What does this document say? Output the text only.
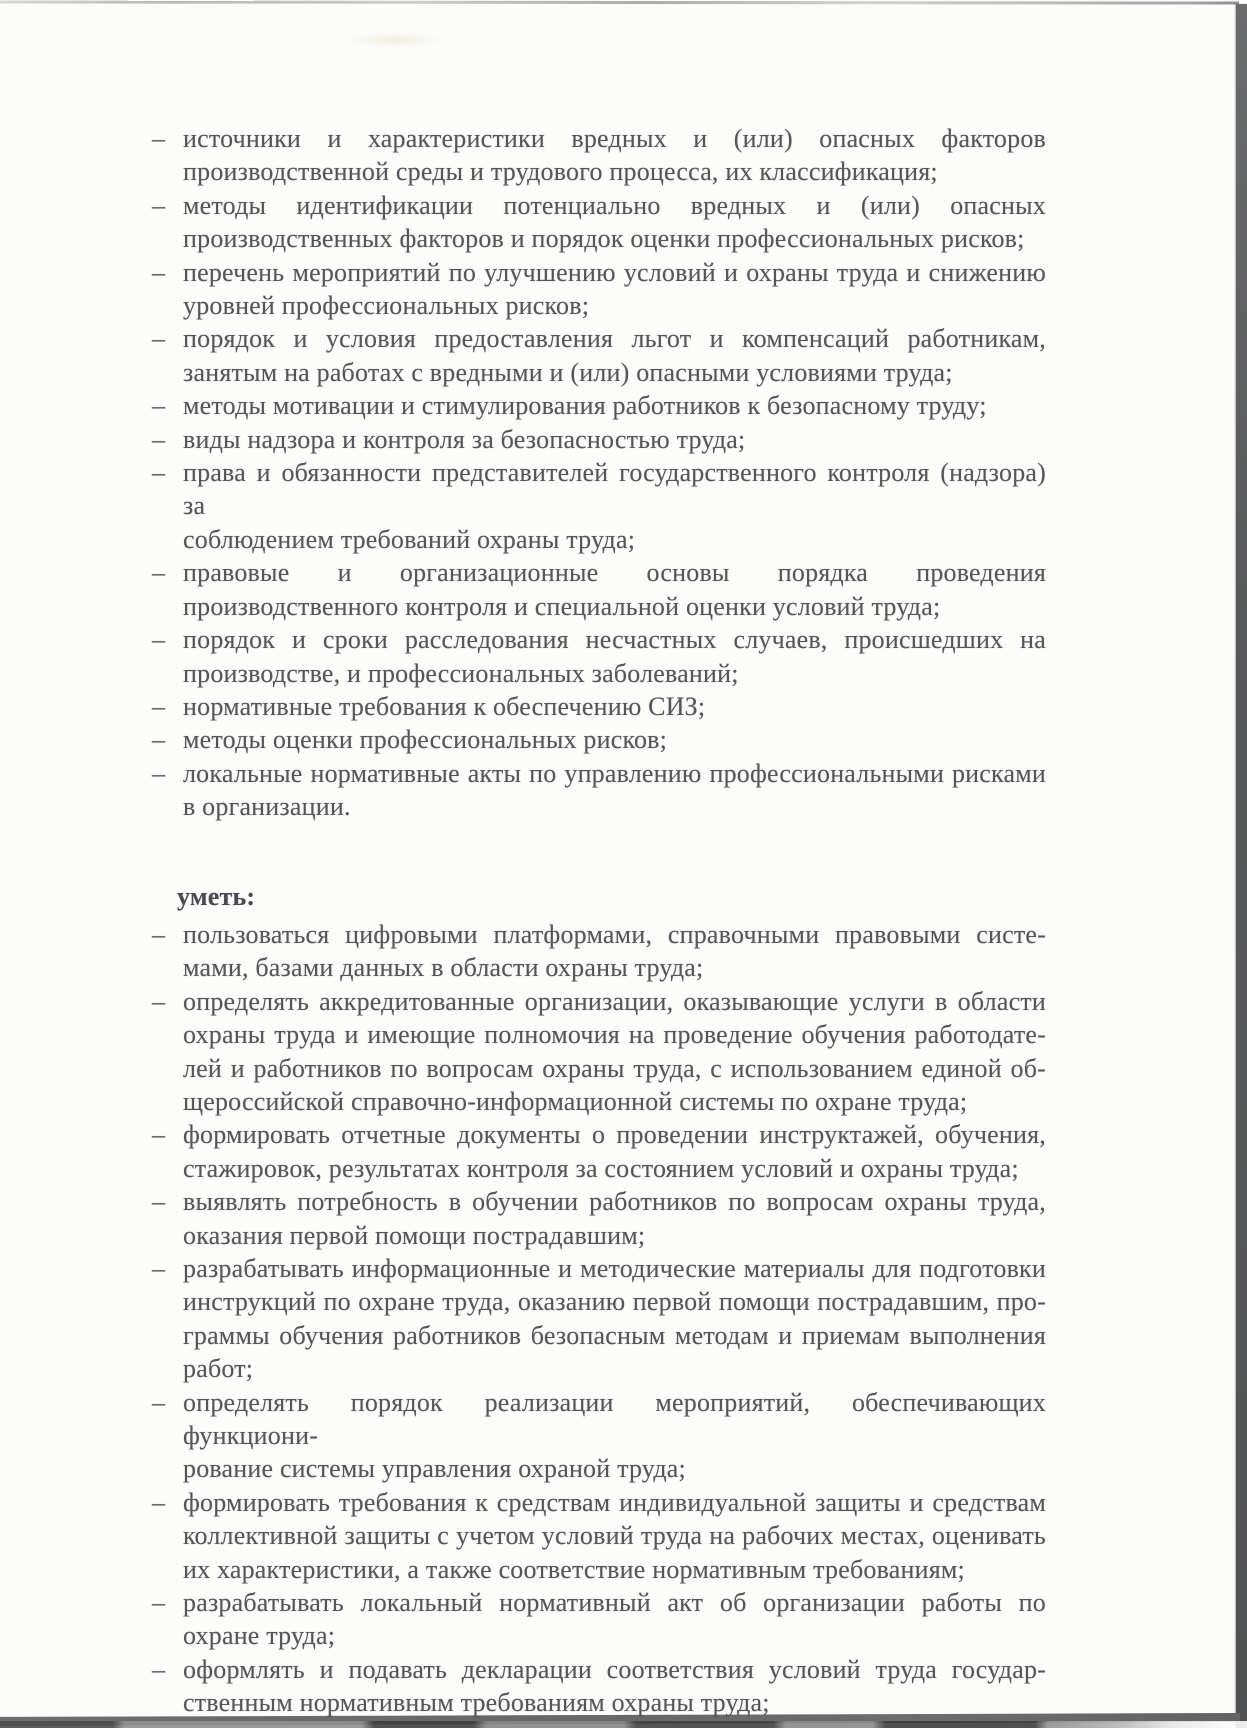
– источники и характеристики вредных и (или) опасных факторов
производственной среды и трудового процесса, их классификация;
– методы идентификации потенциально вредных и (или) опасных
производственных факторов и порядок оценки профессиональных рисков;
– перечень мероприятий по улучшению условий и охраны труда и снижению
уровней профессиональных рисков;
– порядок и условия предоставления льгот и компенсаций работникам,
занятым на работах с вредными и (или) опасными условиями труда;
– методы мотивации и стимулирования работников к безопасному труду;
– виды надзора и контроля за безопасностью труда;
– права и обязанности представителей государственного контроля (надзора) за
соблюдением требований охраны труда;
– правовые и организационные основы порядка проведения
производственного контроля и специальной оценки условий труда;
– порядок и сроки расследования несчастных случаев, происшедших на
производстве, и профессиональных заболеваний;
– нормативные требования к обеспечению СИЗ;
– методы оценки профессиональных рисков;
– локальные нормативные акты по управлению профессиональными рисками
в организации.
уметь:
– пользоваться цифровыми платформами, справочными правовыми систе-
мами, базами данных в области охраны труда;
– определять аккредитованные организации, оказывающие услуги в области
охраны труда и имеющие полномочия на проведение обучения работодате-
лей и работников по вопросам охраны труда, с использованием единой об-
щероссийской справочно-информационной системы по охране труда;
– формировать отчетные документы о проведении инструктажей, обучения,
стажировок, результатах контроля за состоянием условий и охраны труда;
– выявлять потребность в обучении работников по вопросам охраны труда,
оказания первой помощи пострадавшим;
– разрабатывать информационные и методические материалы для подготовки
инструкций по охране труда, оказанию первой помощи пострадавшим, про-
граммы обучения работников безопасным методам и приемам выполнения
работ;
– определять порядок реализации мероприятий, обеспечивающих функциони-
рование системы управления охраной труда;
– формировать требования к средствам индивидуальной защиты и средствам
коллективной защиты с учетом условий труда на рабочих местах, оценивать
их характеристики, а также соответствие нормативным требованиям;
– разрабатывать локальный нормативный акт об организации работы по
охране труда;
– оформлять и подавать декларации соответствия условий труда государ-
ственным нормативным требованиям охраны труда;
